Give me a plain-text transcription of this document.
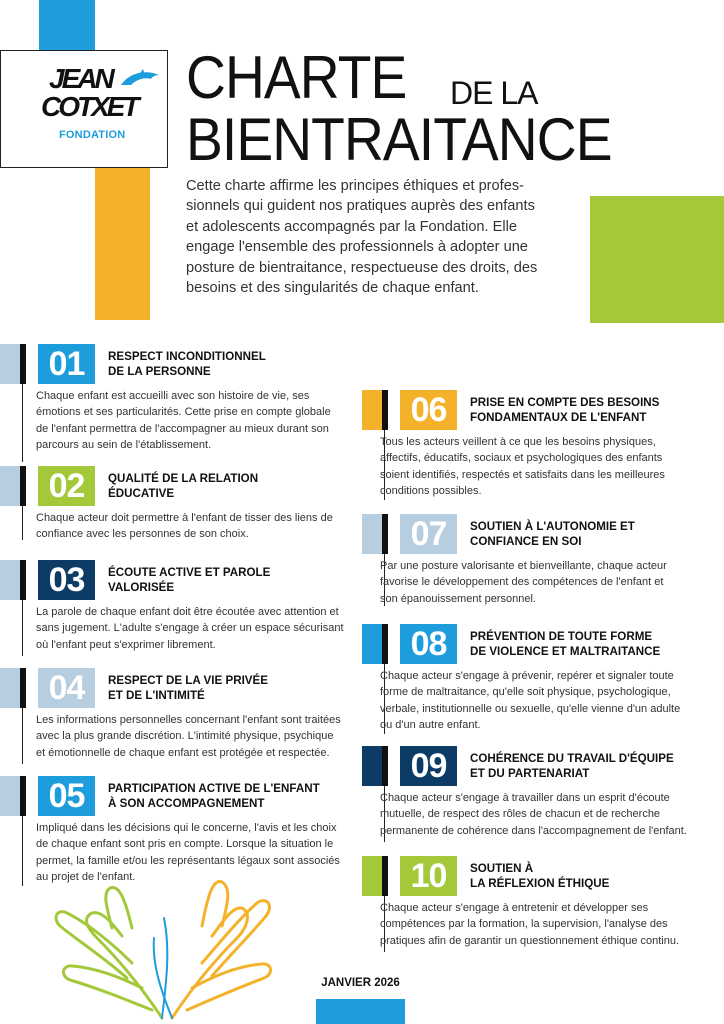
JEAN
COTXET
FONDATION
CHARTE DE LA
BIENTRAITANCE
Cette charte affirme les principes éthiques et profes-
sionnels qui guident nos pratiques auprès des enfants
et adolescents accompagnés par la Fondation. Elle
engage l'ensemble des professionnels à adopter une
posture de bientraitance, respectueuse des droits, des
besoins et des singularités de chaque enfant.
01	RESPECT INCONDITIONNEL
DE LA PERSONNE
Chaque enfant est accueilli avec son histoire de vie, ses
émotions et ses particularités. Cette prise en compte globale
de l'enfant permettra de l'accompagner au mieux durant son
parcours au sein de l'établissement.
02	QUALITÉ DE LA RELATION
ÉDUCATIVE
Chaque acteur doit permettre à l'enfant de tisser des liens de
confiance avec les personnes de son choix.
03	ÉCOUTE ACTIVE ET PAROLE
VALORISÉE
La parole de chaque enfant doit être écoutée avec attention et
sans jugement. L'adulte s'engage à créer un espace sécurisant
où l'enfant peut s'exprimer librement.
04	RESPECT DE LA VIE PRIVÉE
ET DE L'INTIMITÉ
Les informations personnelles concernant l'enfant sont traitées
avec la plus grande discrétion. L'intimité physique, psychique
et émotionnelle de chaque enfant est protégée et respectée.
05	PARTICIPATION ACTIVE DE L'ENFANT
À SON ACCOMPAGNEMENT
Impliqué dans les décisions qui le concerne, l'avis et les choix
de chaque enfant sont pris en compte. Lorsque la situation le
permet, la famille et/ou les représentants légaux sont associés
au projet de l'enfant.
06	PRISE EN COMPTE DES BESOINS
FONDAMENTAUX DE L'ENFANT
Tous les acteurs veillent à ce que les besoins physiques,
affectifs, éducatifs, sociaux et psychologiques des enfants
soient identifiés, respectés et satisfaits dans les meilleures
conditions possibles.
07	SOUTIEN À L'AUTONOMIE ET
CONFIANCE EN SOI
Par une posture valorisante et bienveillante, chaque acteur
favorise le développement des compétences de l'enfant et
son épanouissement personnel.
08	PRÉVENTION DE TOUTE FORME
DE VIOLENCE ET MALTRAITANCE
Chaque acteur s'engage à prévenir, repérer et signaler toute
forme de maltraitance, qu'elle soit physique, psychologique,
verbale, institutionnelle ou sexuelle, qu'elle vienne d'un adulte
ou d'un autre enfant.
09	COHÉRENCE DU TRAVAIL D'ÉQUIPE
ET DU PARTENARIAT
Chaque acteur s'engage à travailler dans un esprit d'écoute
mutuelle, de respect des rôles de chacun et de recherche
permanente de cohérence dans l'accompagnement de l'enfant.
10	SOUTIEN À
LA RÉFLEXION ÉTHIQUE
Chaque acteur s'engage à entretenir et développer ses
compétences par la formation, la supervision, l'analyse des
pratiques afin de garantir un questionnement éthique continu.
JANVIER 2026
